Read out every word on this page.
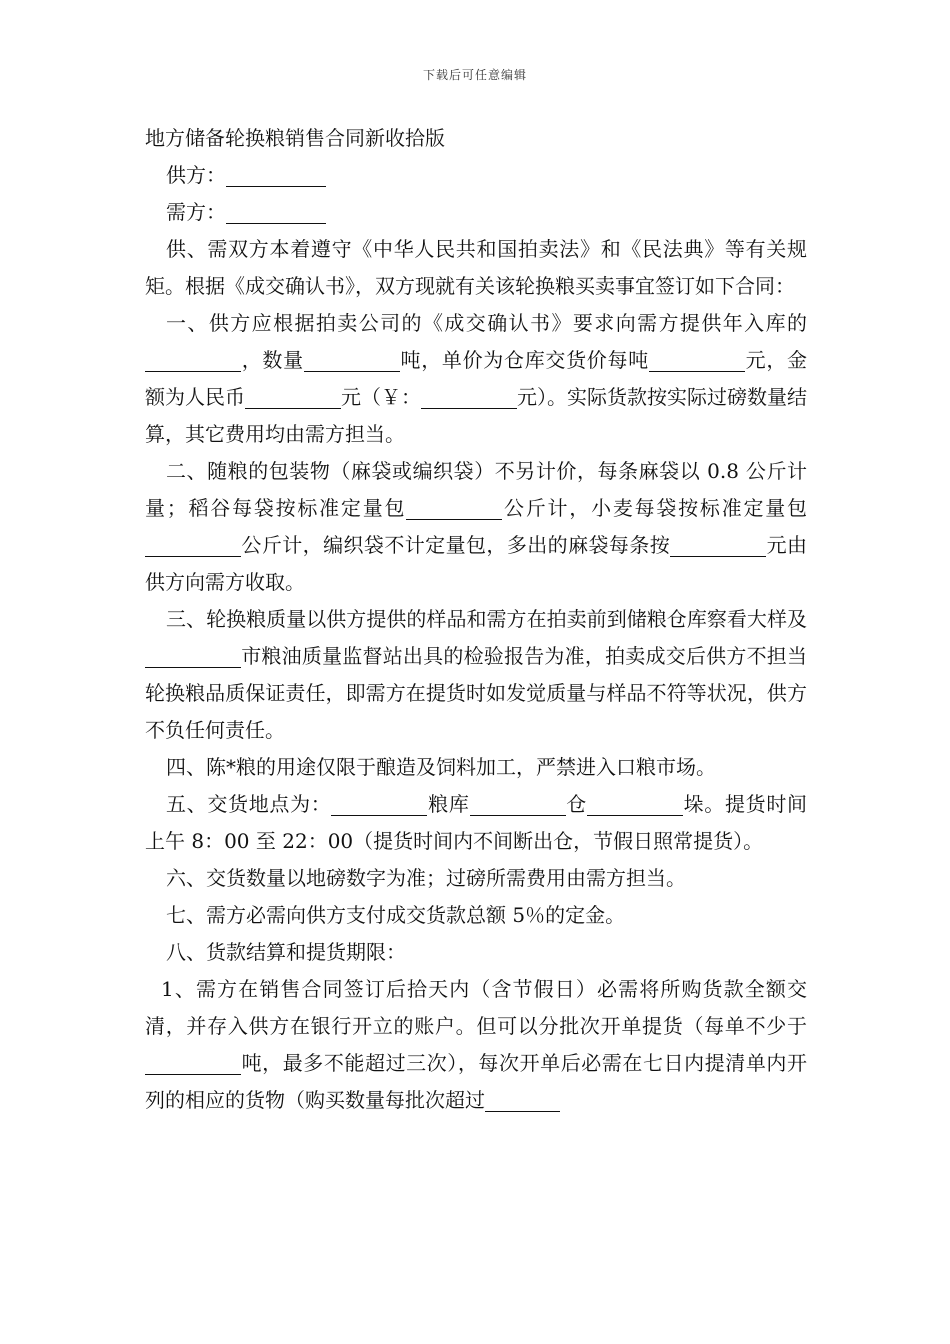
下载后可任意编辑

地方储备轮换粮销售合同新收拾版

供方：

需方：

供、需双方本着遵守《中华人民共和国拍卖法》和《民法典》等有关规矩。根据《成交确认书》，双方现就有关该轮换粮买卖事宜签订如下合同：

一、供方应根据拍卖公司的《成交确认书》要求向需方提供年入库的，数量	吨，单价为仓库交货价每吨	元，金额为人民币	元（￥：	元）。实际货款按实际过磅数量结算，其它费用均由需方担当。

二、随粮的包装物（麻袋或编织袋）不另计价，每条麻袋以 0.8 公斤计量；稻谷每袋按标准定量包	公斤计，小麦每袋按标准定量包公斤计，编织袋不计定量包，多出的麻袋每条按	元由供方向需方收取。

三、轮换粮质量以供方提供的样品和需方在拍卖前到储粮仓库察看大样及市粮油质量监督站出具的检验报告为准，拍卖成交后供方不担当轮换粮品质保证责任，即需方在提货时如发觉质量与样品不符等状况，供方不负任何责任。

四、陈*粮的用途仅限于酿造及饲料加工，严禁进入口粮市场。

五、交货地点为：	粮库	仓	垛。提货时间上午 8：00 至 22：00（提货时间内不间断出仓，节假日照常提货）。

六、交货数量以地磅数字为准；过磅所需费用由需方担当。

七、需方必需向供方支付成交货款总额 5％的定金。

八、货款结算和提货期限：

1、需方在销售合同签订后拾天内（含节假日）必需将所购货款全额交清，并存入供方在银行开立的账户。但可以分批次开单提货（每单不少于吨，最多不能超过三次），每次开单后必需在七日内提清单内开列的相应的货物（购买数量每批次超过
